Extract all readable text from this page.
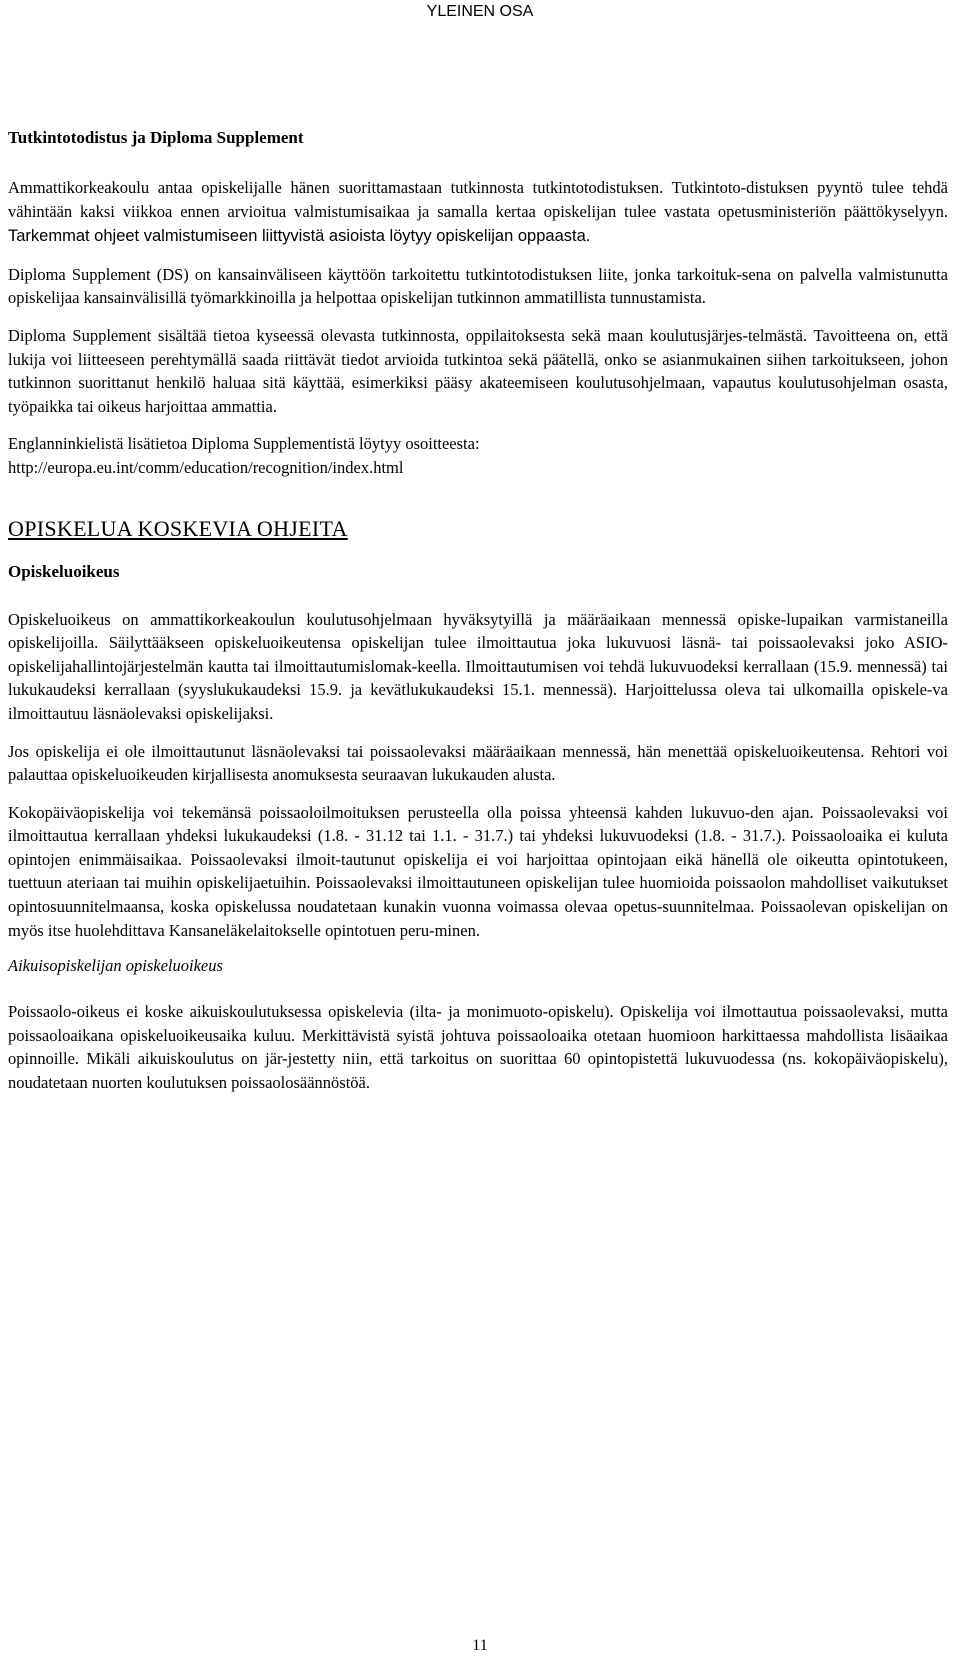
YLEINEN OSA
Tutkintotodistus ja Diploma Supplement

Ammattikorkeakoulu antaa opiskelijalle hänen suorittamastaan tutkinnosta tutkintotodistuksen. Tutkintoto-distuksen pyyntö tulee tehdä vähintään kaksi viikkoa ennen arvioitua valmistumisaikaa ja samalla kertaa opiskelijan tulee vastata opetusministeriön päättökyselyyn. Tarkemmat ohjeet valmistumiseen liittyvistä asioista löytyy opiskelijan oppaasta.

Diploma Supplement (DS) on kansainväliseen käyttöön tarkoitettu tutkintotodistuksen liite, jonka tarkoituk-sena on palvella valmistunutta opiskelijaa kansainvälisillä työmarkkinoilla ja helpottaa opiskelijan tutkinnon ammatillista tunnustamista.

Diploma Supplement sisältää tietoa kyseessä olevasta tutkinnosta, oppilaitoksesta sekä maan koulutusjärjes-telmästä. Tavoitteena on, että lukija voi liitteeseen perehtymällä saada riittävät tiedot arvioida tutkintoa sekä päätellä, onko se asianmukainen siihen tarkoitukseen, johon tutkinnon suorittanut henkilö haluaa sitä käyttää, esimerkiksi pääsy akateemiseen koulutusohjelmaan, vapautus koulutusohjelman osasta, työpaikka tai oikeus harjoittaa ammattia.

Englanninkielistä lisätietoa Diploma Supplementistä löytyy osoitteesta:
http://europa.eu.int/comm/education/recognition/index.html

OPISKELUA KOSKEVIA OHJEITA
Opiskeluoikeus

Opiskeluoikeus on ammattikorkeakoulun koulutusohjelmaan hyväksytyillä ja määräaikaan mennessä opiske-lupaikan varmistaneilla opiskelijoilla. Säilyttääkseen opiskeluoikeutensa opiskelijan tulee ilmoittautua joka lukuvuosi läsnä- tai poissaolevaksi joko ASIO-opiskelijahallintojärjestelmän kautta tai ilmoittautumislomak-keella. Ilmoittautumisen voi tehdä lukuvuodeksi kerrallaan (15.9. mennessä) tai lukukaudeksi kerrallaan (syyslukukaudeksi 15.9. ja kevätlukukaudeksi 15.1. mennessä). Harjoittelussa oleva tai ulkomailla opiskele-va ilmoittautuu läsnäolevaksi opiskelijaksi.

Jos opiskelija ei ole ilmoittautunut läsnäolevaksi tai poissaolevaksi määräaikaan mennessä, hän menettää opiskeluoikeutensa. Rehtori voi palauttaa opiskeluoikeuden kirjallisesta anomuksesta seuraavan lukukauden alusta.

Kokopäiväopiskelija voi tekemänsä poissaoloilmoituksen perusteella olla poissa yhteensä kahden lukuvuo-den ajan. Poissaolevaksi voi ilmoittautua kerrallaan yhdeksi lukukaudeksi (1.8. - 31.12 tai 1.1. - 31.7.) tai yhdeksi lukuvuodeksi (1.8. - 31.7.). Poissaoloaika ei kuluta opintojen enimmäisaikaa. Poissaolevaksi ilmoit-tautunut opiskelija ei voi harjoittaa opintojaan eikä hänellä ole oikeutta opintotukeen, tuettuun ateriaan tai muihin opiskelijaetuihin. Poissaolevaksi ilmoittautuneen opiskelijan tulee huomioida poissaolon mahdolliset vaikutukset opintosuunnitelmaansa, koska opiskelussa noudatetaan kunakin vuonna voimassa olevaa opetus-suunnitelmaa. Poissaolevan opiskelijan on myös itse huolehdittava Kansaneläkelaitokselle opintotuen peru-minen.

Aikuisopiskelijan opiskeluoikeus

Poissaolo-oikeus ei koske aikuiskoulutuksessa opiskelevia (ilta- ja monimuoto-opiskelu). Opiskelija voi ilmottautua poissaolevaksi, mutta poissaoloaikana opiskeluoikeusaika kuluu. Merkittävistä syistä johtuva poissaoloaika otetaan huomioon harkittaessa mahdollista lisäaikaa opinnoille. Mikäli aikuiskoulutus on jär-jestetty niin, että tarkoitus on suorittaa 60 opintopistettä lukuvuodessa (ns. kokopäiväopiskelu), noudatetaan nuorten koulutuksen poissaolosäännöstöä.

11
